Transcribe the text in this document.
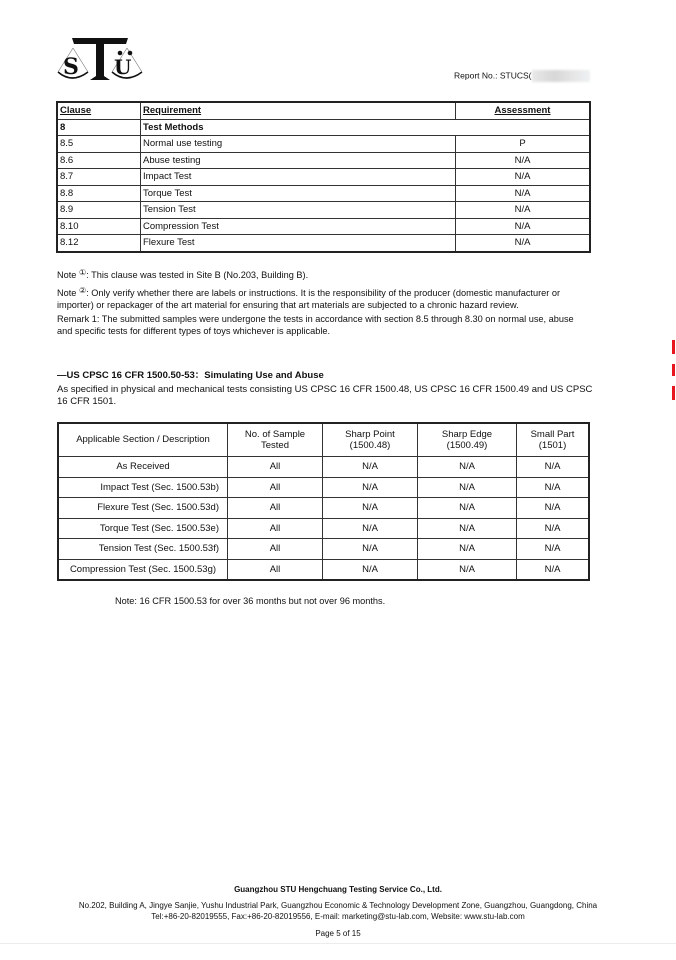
S U	Report No.: STUCS(
Clause	Requirement	Assessment
8	Test Methods	
8.5	Normal use testing	P
8.6	Abuse testing	N/A
8.7	Impact Test	N/A
8.8	Torque Test	N/A
8.9	Tension Test	N/A
8.10	Compression Test	N/A
8.12	Flexure Test	N/A

Note ①: This clause was tested in Site B (No.203, Building B).

Note ②: Only verify whether there are labels or instructions. It is the responsibility of the producer (domestic manufacturer or importer) or repackager of the art material for ensuring that art materials are subjected to a chronic hazard review.

Remark 1: The submitted samples were undergone the tests in accordance with section 8.5 through 8.30 on normal use, abuse and specific tests for different types of toys whichever is applicable.

—US CPSC 16 CFR 1500.50-53：Simulating Use and Abuse
As specified in physical and mechanical tests consisting US CPSC 16 CFR 1500.48, US CPSC 16 CFR 1500.49 and US CPSC 16 CFR 1501.
Applicable Section / Description	No. of Sample Tested	Sharp Point (1500.48)	Sharp Edge (1500.49)	Small Part (1501)
As Received	All	N/A	N/A	N/A
Impact Test (Sec. 1500.53b)	All	N/A	N/A	N/A
Flexure Test (Sec. 1500.53d)	All	N/A	N/A	N/A
Torque Test (Sec. 1500.53e)	All	N/A	N/A	N/A
Tension Test (Sec. 1500.53f)	All	N/A	N/A	N/A
Compression Test (Sec. 1500.53g)	All	N/A	N/A	N/A
Note: 16 CFR 1500.53 for over 36 months but not over 96 months.
Guangzhou STU Hengchuang Testing Service Co., Ltd.
No.202, Building A, Jingye Sanjie, Yushu Industrial Park, Guangzhou Economic & Technology Development Zone, Guangzhou, Guangdong, China
Tel:+86-20-82019555, Fax:+86-20-82019556, E-mail: marketing@stu-lab.com, Website: www.stu-lab.com
Page 5 of 15
